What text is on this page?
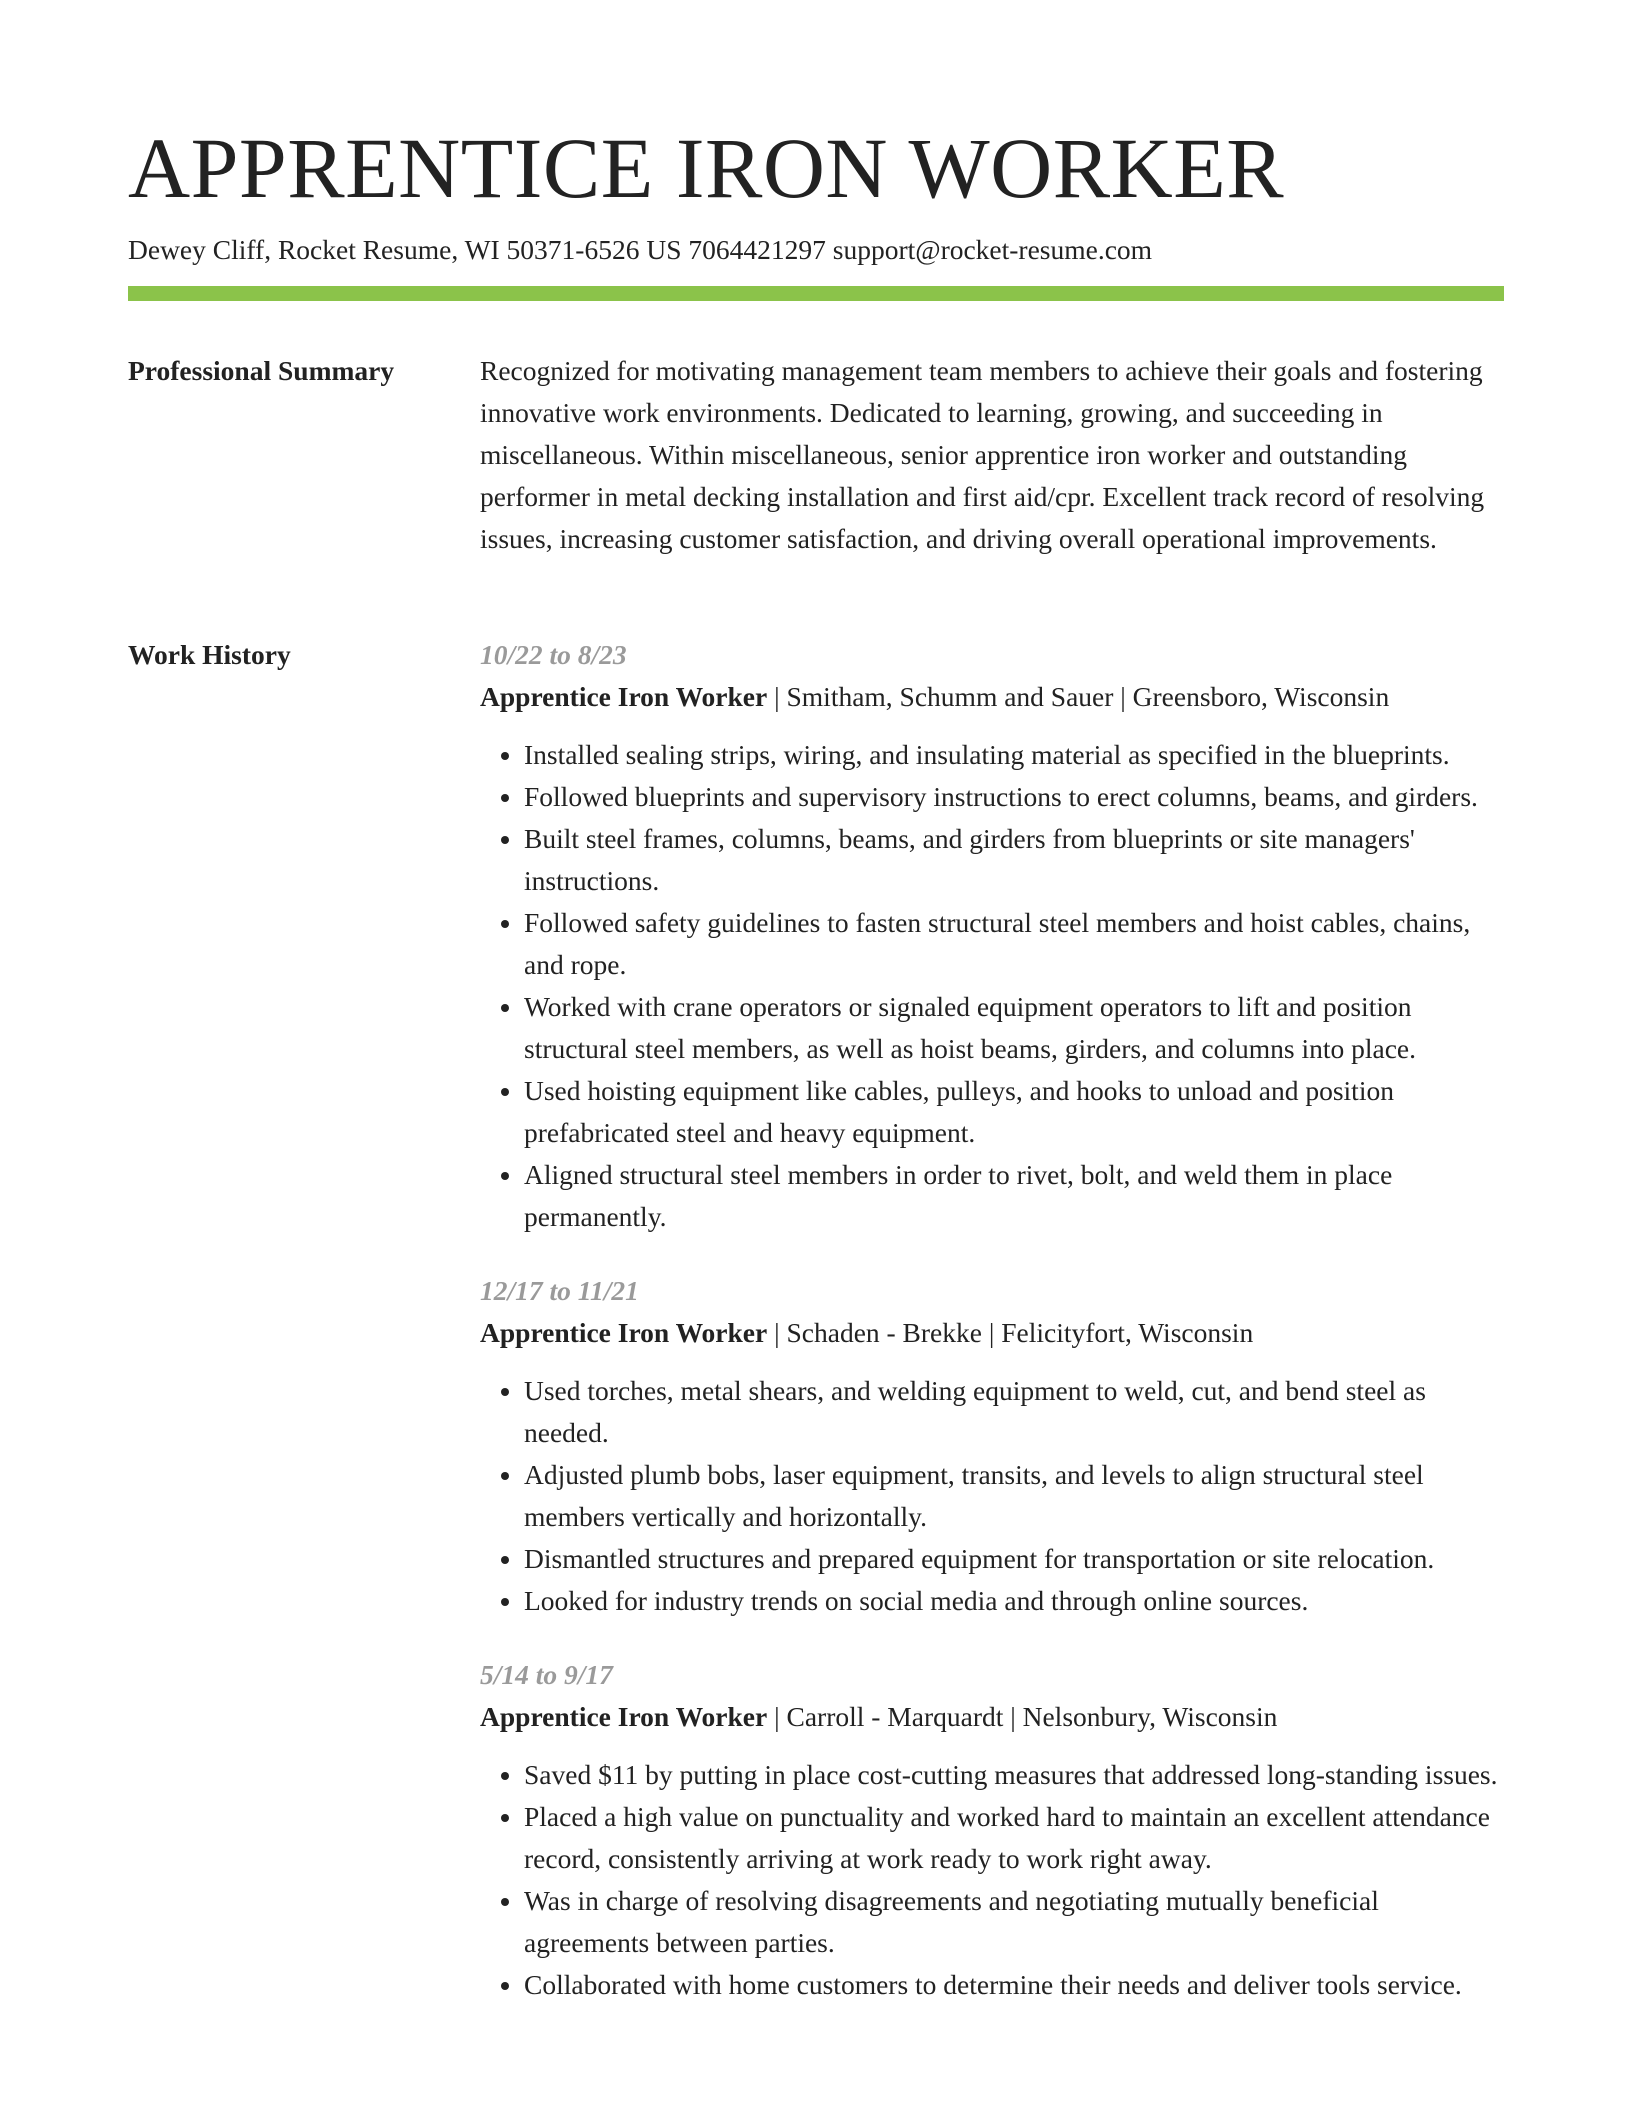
APPRENTICE IRON WORKER
Dewey Cliff, Rocket Resume, WI 50371-6526 US 7064421297 support@rocket-resume.com
Professional Summary	Recognized for motivating management team members to achieve their goals and fostering innovative work environments. Dedicated to learning, growing, and succeeding in miscellaneous. Within miscellaneous, senior apprentice iron worker and outstanding performer in metal decking installation and first aid/cpr. Excellent track record of resolving issues, increasing customer satisfaction, and driving overall operational improvements.

Work History	10/22 to 8/23
Apprentice Iron Worker | Smitham, Schumm and Sauer | Greensboro, Wisconsin
• Installed sealing strips, wiring, and insulating material as specified in the blueprints.
• Followed blueprints and supervisory instructions to erect columns, beams, and girders.
• Built steel frames, columns, beams, and girders from blueprints or site managers' instructions.
• Followed safety guidelines to fasten structural steel members and hoist cables, chains, and rope.
• Worked with crane operators or signaled equipment operators to lift and position structural steel members, as well as hoist beams, girders, and columns into place.
• Used hoisting equipment like cables, pulleys, and hooks to unload and position prefabricated steel and heavy equipment.
• Aligned structural steel members in order to rivet, bolt, and weld them in place permanently.
12/17 to 11/21
Apprentice Iron Worker | Schaden - Brekke | Felicityfort, Wisconsin
• Used torches, metal shears, and welding equipment to weld, cut, and bend steel as needed.
• Adjusted plumb bobs, laser equipment, transits, and levels to align structural steel members vertically and horizontally.
• Dismantled structures and prepared equipment for transportation or site relocation.
• Looked for industry trends on social media and through online sources.
5/14 to 9/17
Apprentice Iron Worker | Carroll - Marquardt | Nelsonbury, Wisconsin
• Saved $11 by putting in place cost-cutting measures that addressed long-standing issues.
• Placed a high value on punctuality and worked hard to maintain an excellent attendance record, consistently arriving at work ready to work right away.
• Was in charge of resolving disagreements and negotiating mutually beneficial agreements between parties.
• Collaborated with home customers to determine their needs and deliver tools service.
